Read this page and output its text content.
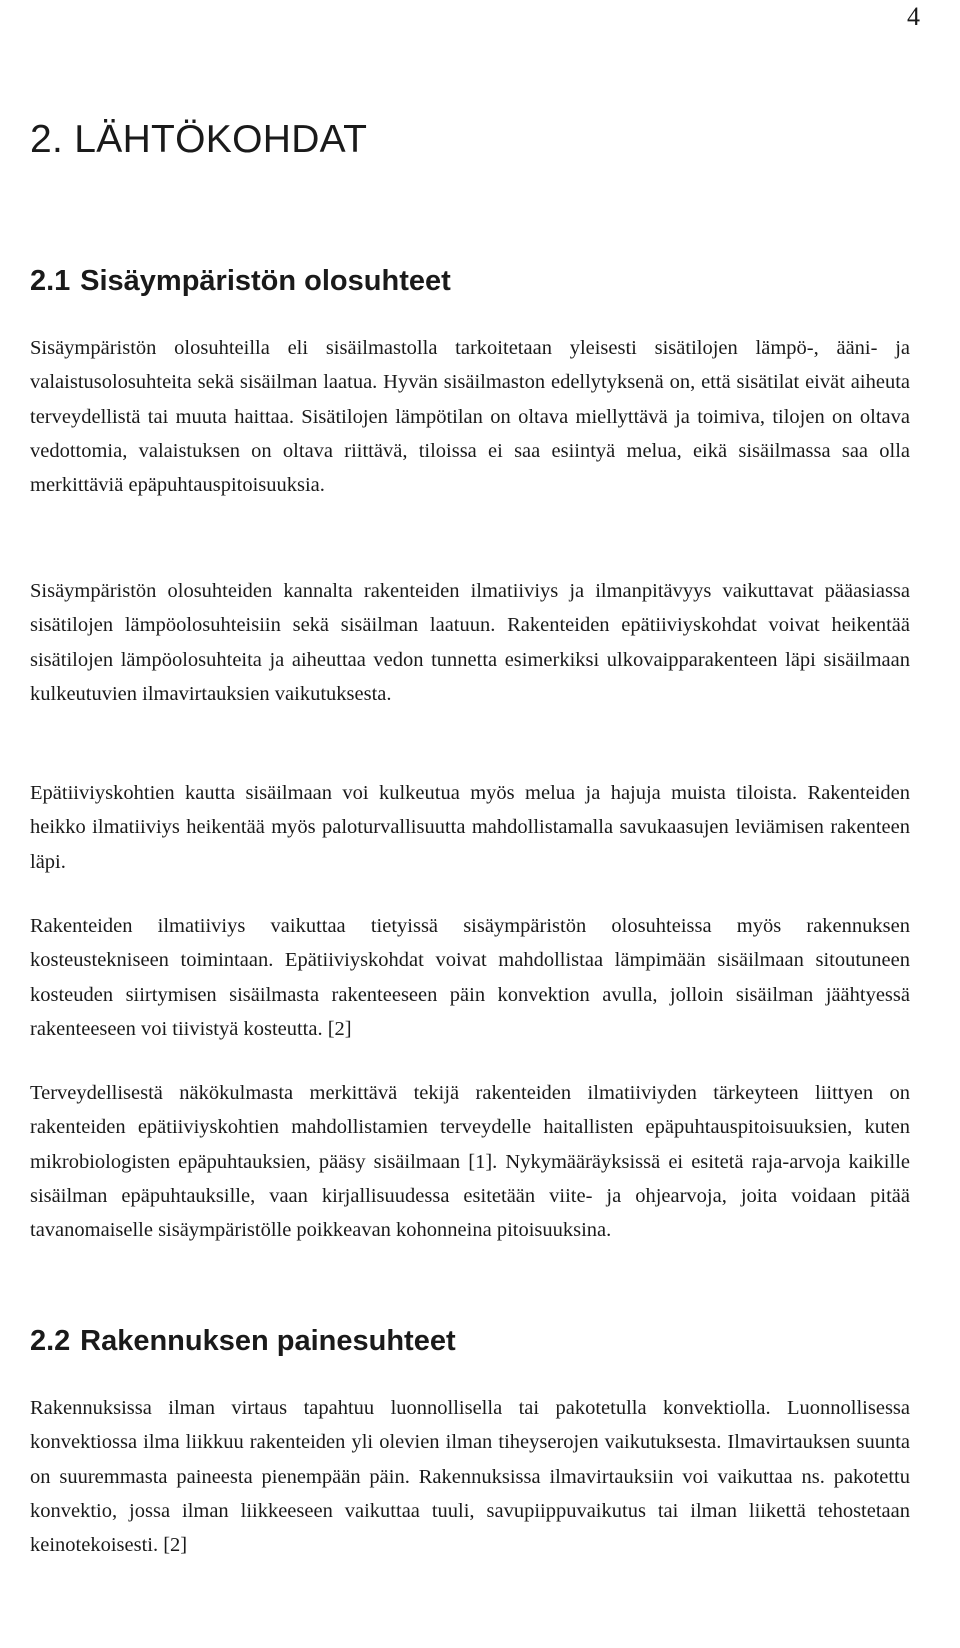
4
2. LÄHTÖKOHDAT
2.1 Sisäympäristön olosuhteet

Sisäympäristön olosuhteilla eli sisäilmastolla tarkoitetaan yleisesti sisätilojen lämpö-, ääni- ja valaistusolosuhteita sekä sisäilman laatua. Hyvän sisäilmaston edellytyksenä on, että sisätilat eivät aiheuta terveydellistä tai muuta haittaa. Sisätilojen lämpötilan on oltava miellyttävä ja toimiva, tilojen on oltava vedottomia, valaistuksen on oltava riittävä, tiloissa ei saa esiintyä melua, eikä sisäilmassa saa olla merkittäviä epäpuhtauspitoisuuksia.

Sisäympäristön olosuhteiden kannalta rakenteiden ilmatiiviys ja ilmanpitävyys vaikuttavat pääasiassa sisätilojen lämpöolosuhteisiin sekä sisäilman laatuun. Rakenteiden epätiiviyskohdat voivat heikentää sisätilojen lämpöolosuhteita ja aiheuttaa vedon tunnetta esimerkiksi ulkovaipparakenteen läpi sisäilmaan kulkeutuvien ilmavirtauksien vaikutuksesta.

Epätiiviyskohtien kautta sisäilmaan voi kulkeutua myös melua ja hajuja muista tiloista. Rakenteiden heikko ilmatiiviys heikentää myös paloturvallisuutta mahdollistamalla savukaasujen leviämisen rakenteen läpi.

Rakenteiden ilmatiiviys vaikuttaa tietyissä sisäympäristön olosuhteissa myös rakennuksen kosteustekniseen toimintaan. Epätiiviyskohdat voivat mahdollistaa lämpimään sisäilmaan sitoutuneen kosteuden siirtymisen sisäilmasta rakenteeseen päin konvektion avulla, jolloin sisäilman jäähtyessä rakenteeseen voi tiivistyä kosteutta. [2]

Terveydellisestä näkökulmasta merkittävä tekijä rakenteiden ilmatiiviyden tärkeyteen liittyen on rakenteiden epätiiviyskohtien mahdollistamien terveydelle haitallisten epäpuhtauspitoisuuksien, kuten mikrobiologisten epäpuhtauksien, pääsy sisäilmaan [1]. Nykymääräyksissä ei esitetä raja-arvoja kaikille sisäilman epäpuhtauksille, vaan kirjallisuudessa esitetään viite- ja ohjearvoja, joita voidaan pitää tavanomaiselle sisäympäristölle poikkeavan kohonneina pitoisuuksina.

2.2 Rakennuksen painesuhteet

Rakennuksissa ilman virtaus tapahtuu luonnollisella tai pakotetulla konvektiolla. Luonnollisessa konvektiossa ilma liikkuu rakenteiden yli olevien ilman tiheyserojen vaikutuksesta. Ilmavirtauksen suunta on suuremmasta paineesta pienempään päin. Rakennuksissa ilmavirtauksiin voi vaikuttaa ns. pakotettu konvektio, jossa ilman liikkeeseen vaikuttaa tuuli, savupiippuvaikutus tai ilman liikettä tehostetaan keinotekoisesti. [2]
